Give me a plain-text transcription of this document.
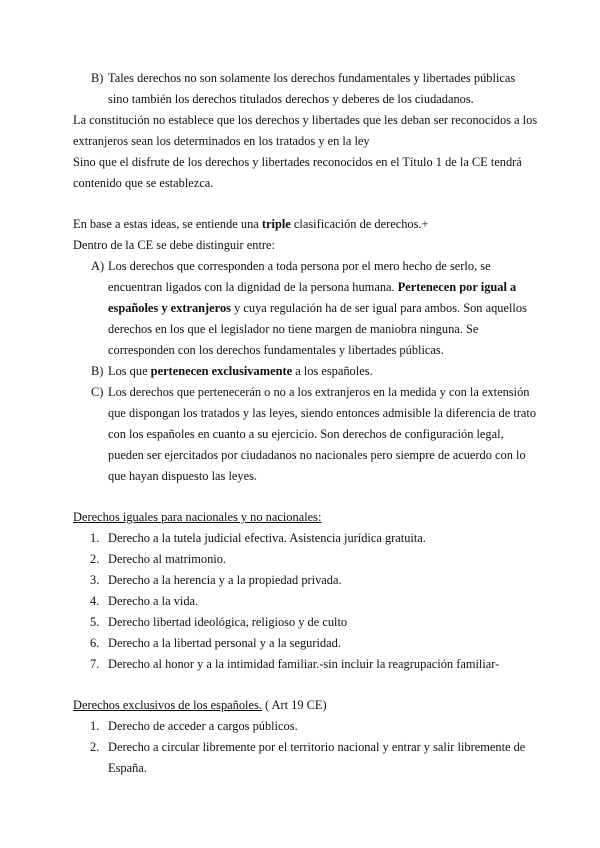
B) Tales derechos no son solamente los derechos fundamentales y libertades públicas
sino también los derechos titulados derechos y deberes de los ciudadanos.
La constitución no establece que los derechos y libertades que les deban ser reconocidos a los
extranjeros sean los determinados en los tratados y en la ley
Sino que el disfrute de los derechos y libertades reconocidos en el Título 1 de la CE tendrá
contenido que se establezca.
En base a estas ideas, se entiende una triple clasificación de derechos.+
Dentro de la CE se debe distinguir entre:
A) Los derechos que corresponden a toda persona por el mero hecho de serlo, se
encuentran ligados con la dignidad de la persona humana. Pertenecen por igual a
españoles y extranjeros y cuya regulación ha de ser igual para ambos. Son aquellos
derechos en los que el legislador no tiene margen de maniobra ninguna. Se
corresponden con los derechos fundamentales y libertades públicas.
B) Los que pertenecen exclusivamente a los españoles.
C) Los derechos que pertenecerán o no a los extranjeros en la medida y con la extensión
que dispongan los tratados y las leyes, siendo entonces admisible la diferencia de trato
con los españoles en cuanto a su ejercicio. Son derechos de configuración legal,
pueden ser ejercitados por ciudadanos no nacionales pero siempre de acuerdo con lo
que hayan dispuesto las leyes.
Derechos iguales para nacionales y no nacionales:
1. Derecho a la tutela judicial efectiva. Asistencia jurídica gratuita.
2. Derecho al matrimonio.
3. Derecho a la herencia y a la propiedad privada.
4. Derecho a la vida.
5. Derecho libertad ideológica, religioso y de culto
6. Derecho a la libertad personal y a la seguridad.
7. Derecho al honor y a la intimidad familiar.-sin incluir la reagrupación familiar-
Derechos exclusivos de los españoles. ( Art 19 CE)
1. Derecho de acceder a cargos públicos.
2. Derecho a circular libremente por el territorio nacional y entrar y salir libremente de
España.
